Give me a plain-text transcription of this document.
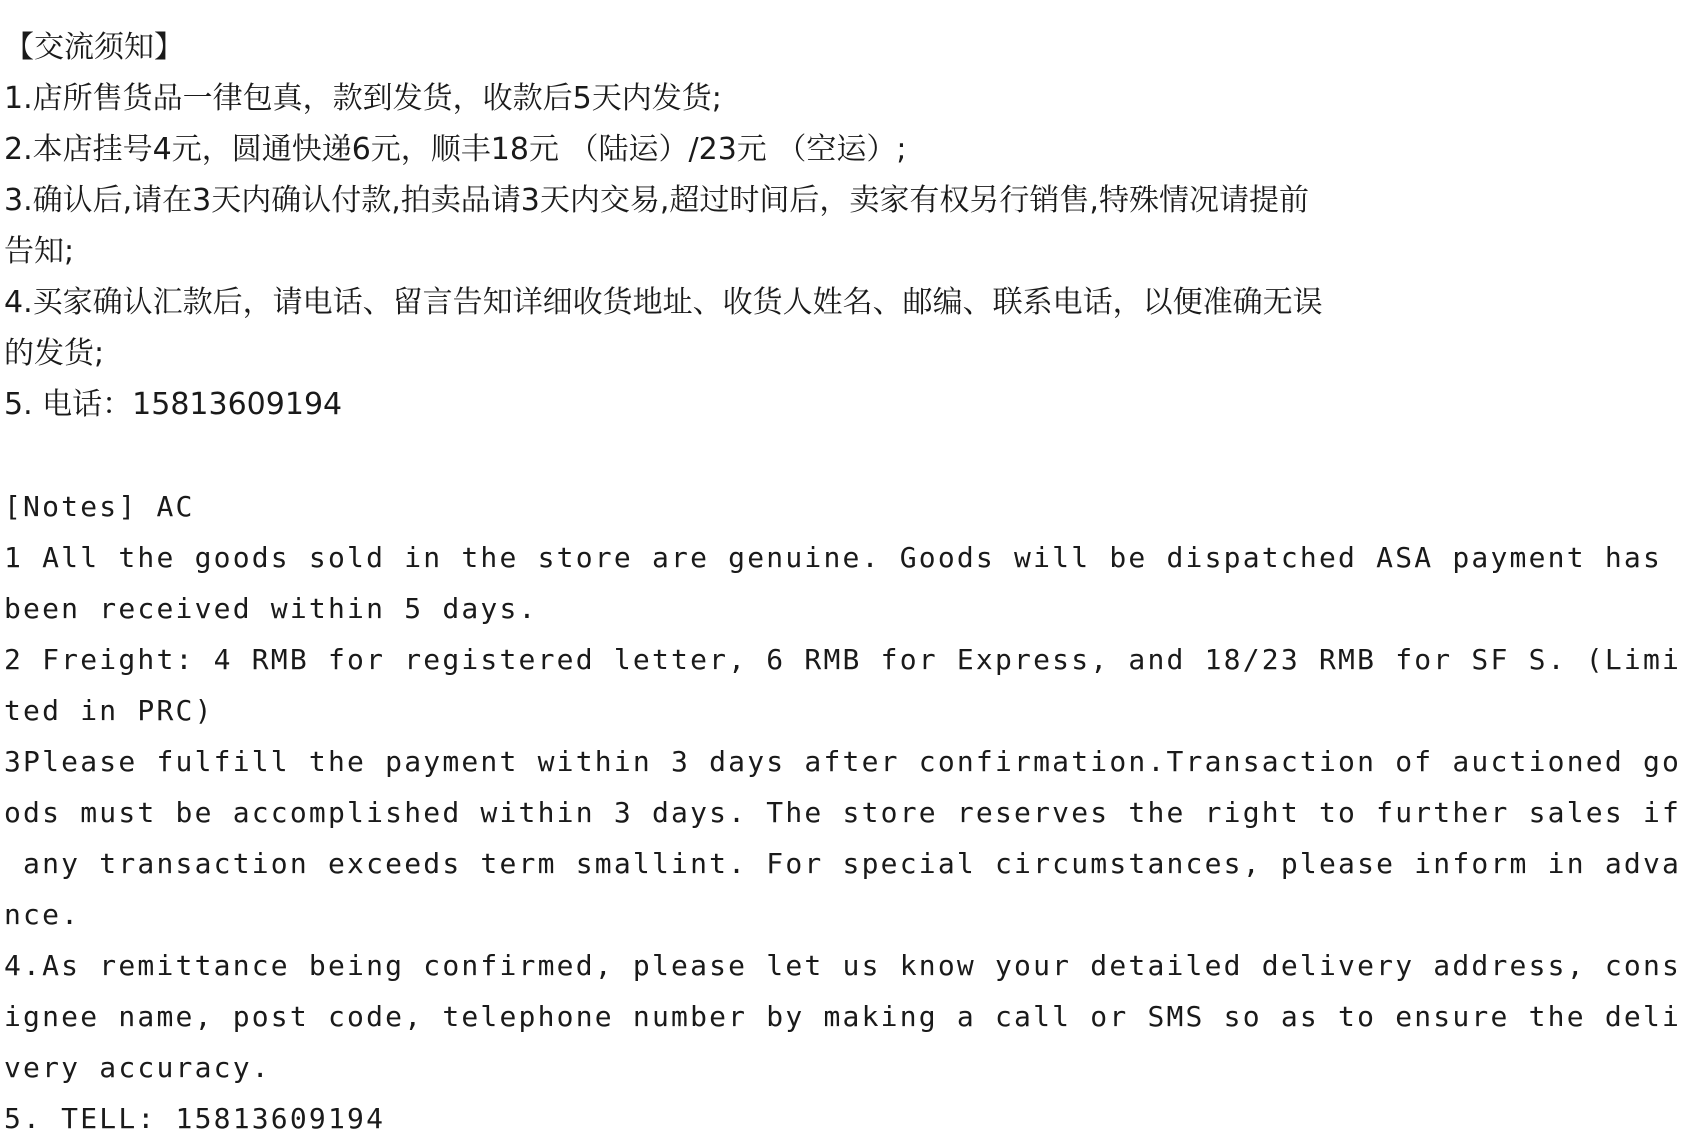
【交流须知】
1.店所售货品一律包真，款到发货，收款后5天内发货;
2.本店挂号4元，圆通快递6元，顺丰18元 （陆运）/23元 （空运）;
3.确认后,请在3天内确认付款,拍卖品请3天内交易,超过时间后，卖家有权另行销售,特殊情况请提前
告知;
4.买家确认汇款后，请电话、留言告知详细收货地址、收货人姓名、邮编、联系电话，以便准确无误
的发货;
5. 电话：15813609194
[Notes] AC
1 All the goods sold in the store are genuine. Goods will be dispatched ASA payment has
been received within 5 days.
2 Freight: 4 RMB for registered letter, 6 RMB for Express, and 18/23 RMB for SF S. (Limi
ted in PRC)
3Please fulfill the payment within 3 days after confirmation.Transaction of auctioned go
ods must be accomplished within 3 days. The store reserves the right to further sales if
any transaction exceeds term smallint. For special circumstances, please inform in adva
nce.
4.As remittance being confirmed, please let us know your detailed delivery address, cons
ignee name, post code, telephone number by making a call or SMS so as to ensure the deli
very accuracy.
5. TELL: 15813609194
